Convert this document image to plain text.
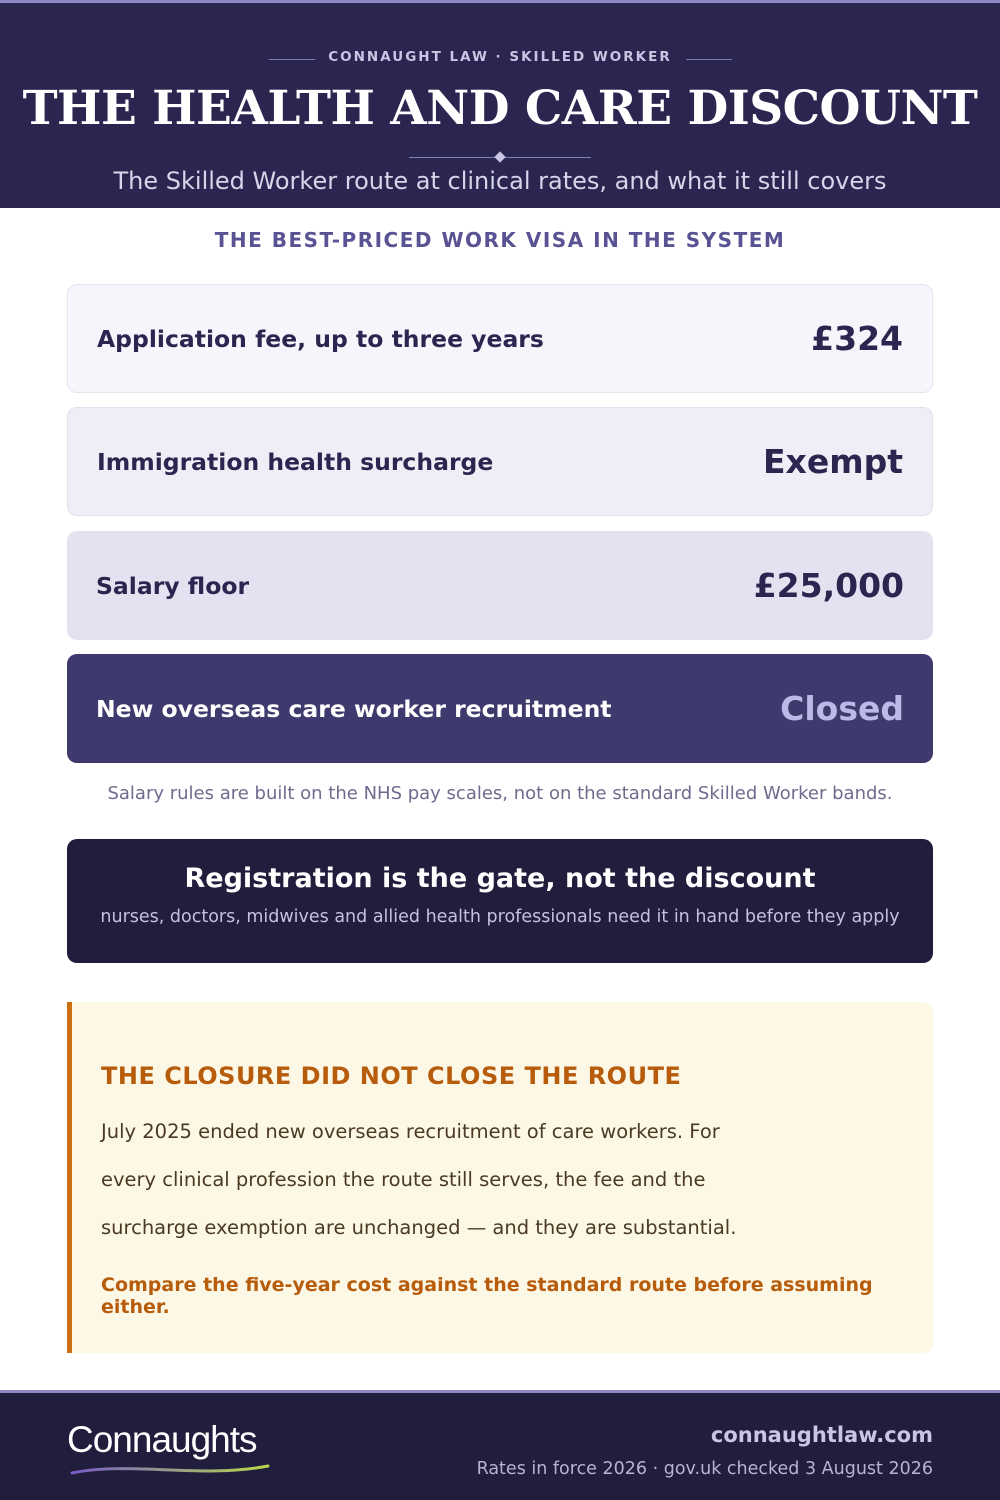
CONNAUGHT LAW · SKILLED WORKER
THE HEALTH AND CARE DISCOUNT
The Skilled Worker route at clinical rates, and what it still covers
THE BEST-PRICED WORK VISA IN THE SYSTEM
Application fee, up to three years	£324
Immigration health surcharge	Exempt
Salary floor	£25,000
New overseas care worker recruitment	Closed
Salary rules are built on the NHS pay scales, not on the standard Skilled Worker bands.
Registration is the gate, not the discount
nurses, doctors, midwives and allied health professionals need it in hand before they apply
THE CLOSURE DID NOT CLOSE THE ROUTE
July 2025 ended new overseas recruitment of care workers. For
every clinical profession the route still serves, the fee and the
surcharge exemption are unchanged — and they are substantial.
Compare the five-year cost against the standard route before assuming either.
Connaughts	connaughtlaw.com
Rates in force 2026 · gov.uk checked 3 August 2026
